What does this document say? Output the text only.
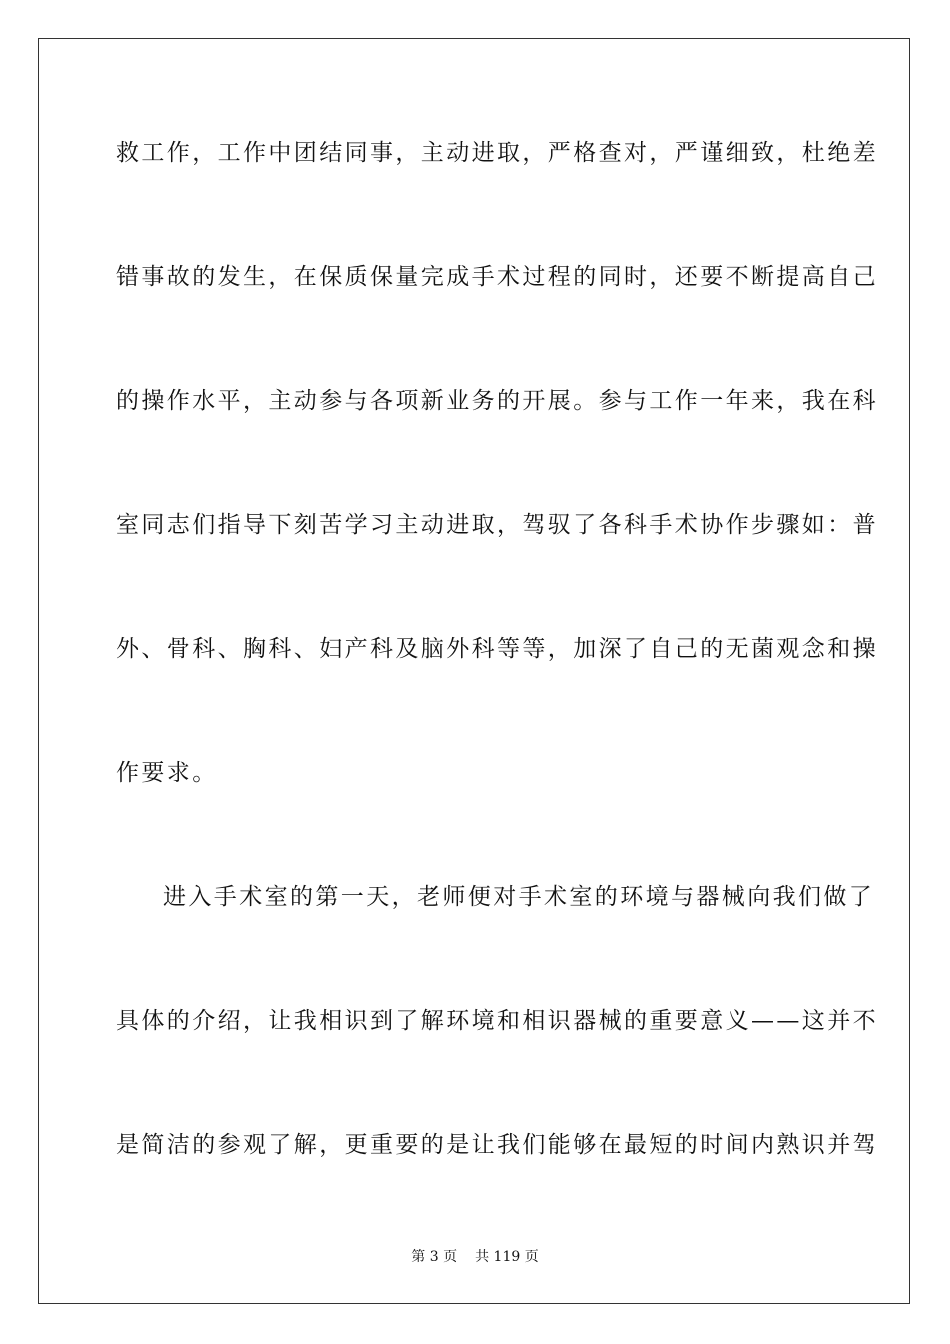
救工作，工作中团结同事，主动进取，严格查对，严谨细致，杜绝差
错事故的发生，在保质保量完成手术过程的同时，还要不断提高自己
的操作水平，主动参与各项新业务的开展。参与工作一年来，我在科
室同志们指导下刻苦学习主动进取，驾驭了各科手术协作步骤如：普
外、骨科、胸科、妇产科及脑外科等等，加深了自己的无菌观念和操
作要求。
进入手术室的第一天，老师便对手术室的环境与器械向我们做了
具体的介绍，让我相识到了解环境和相识器械的重要意义——这并不
是简洁的参观了解，更重要的是让我们能够在最短的时间内熟识并驾
第 3 页 共 119 页
